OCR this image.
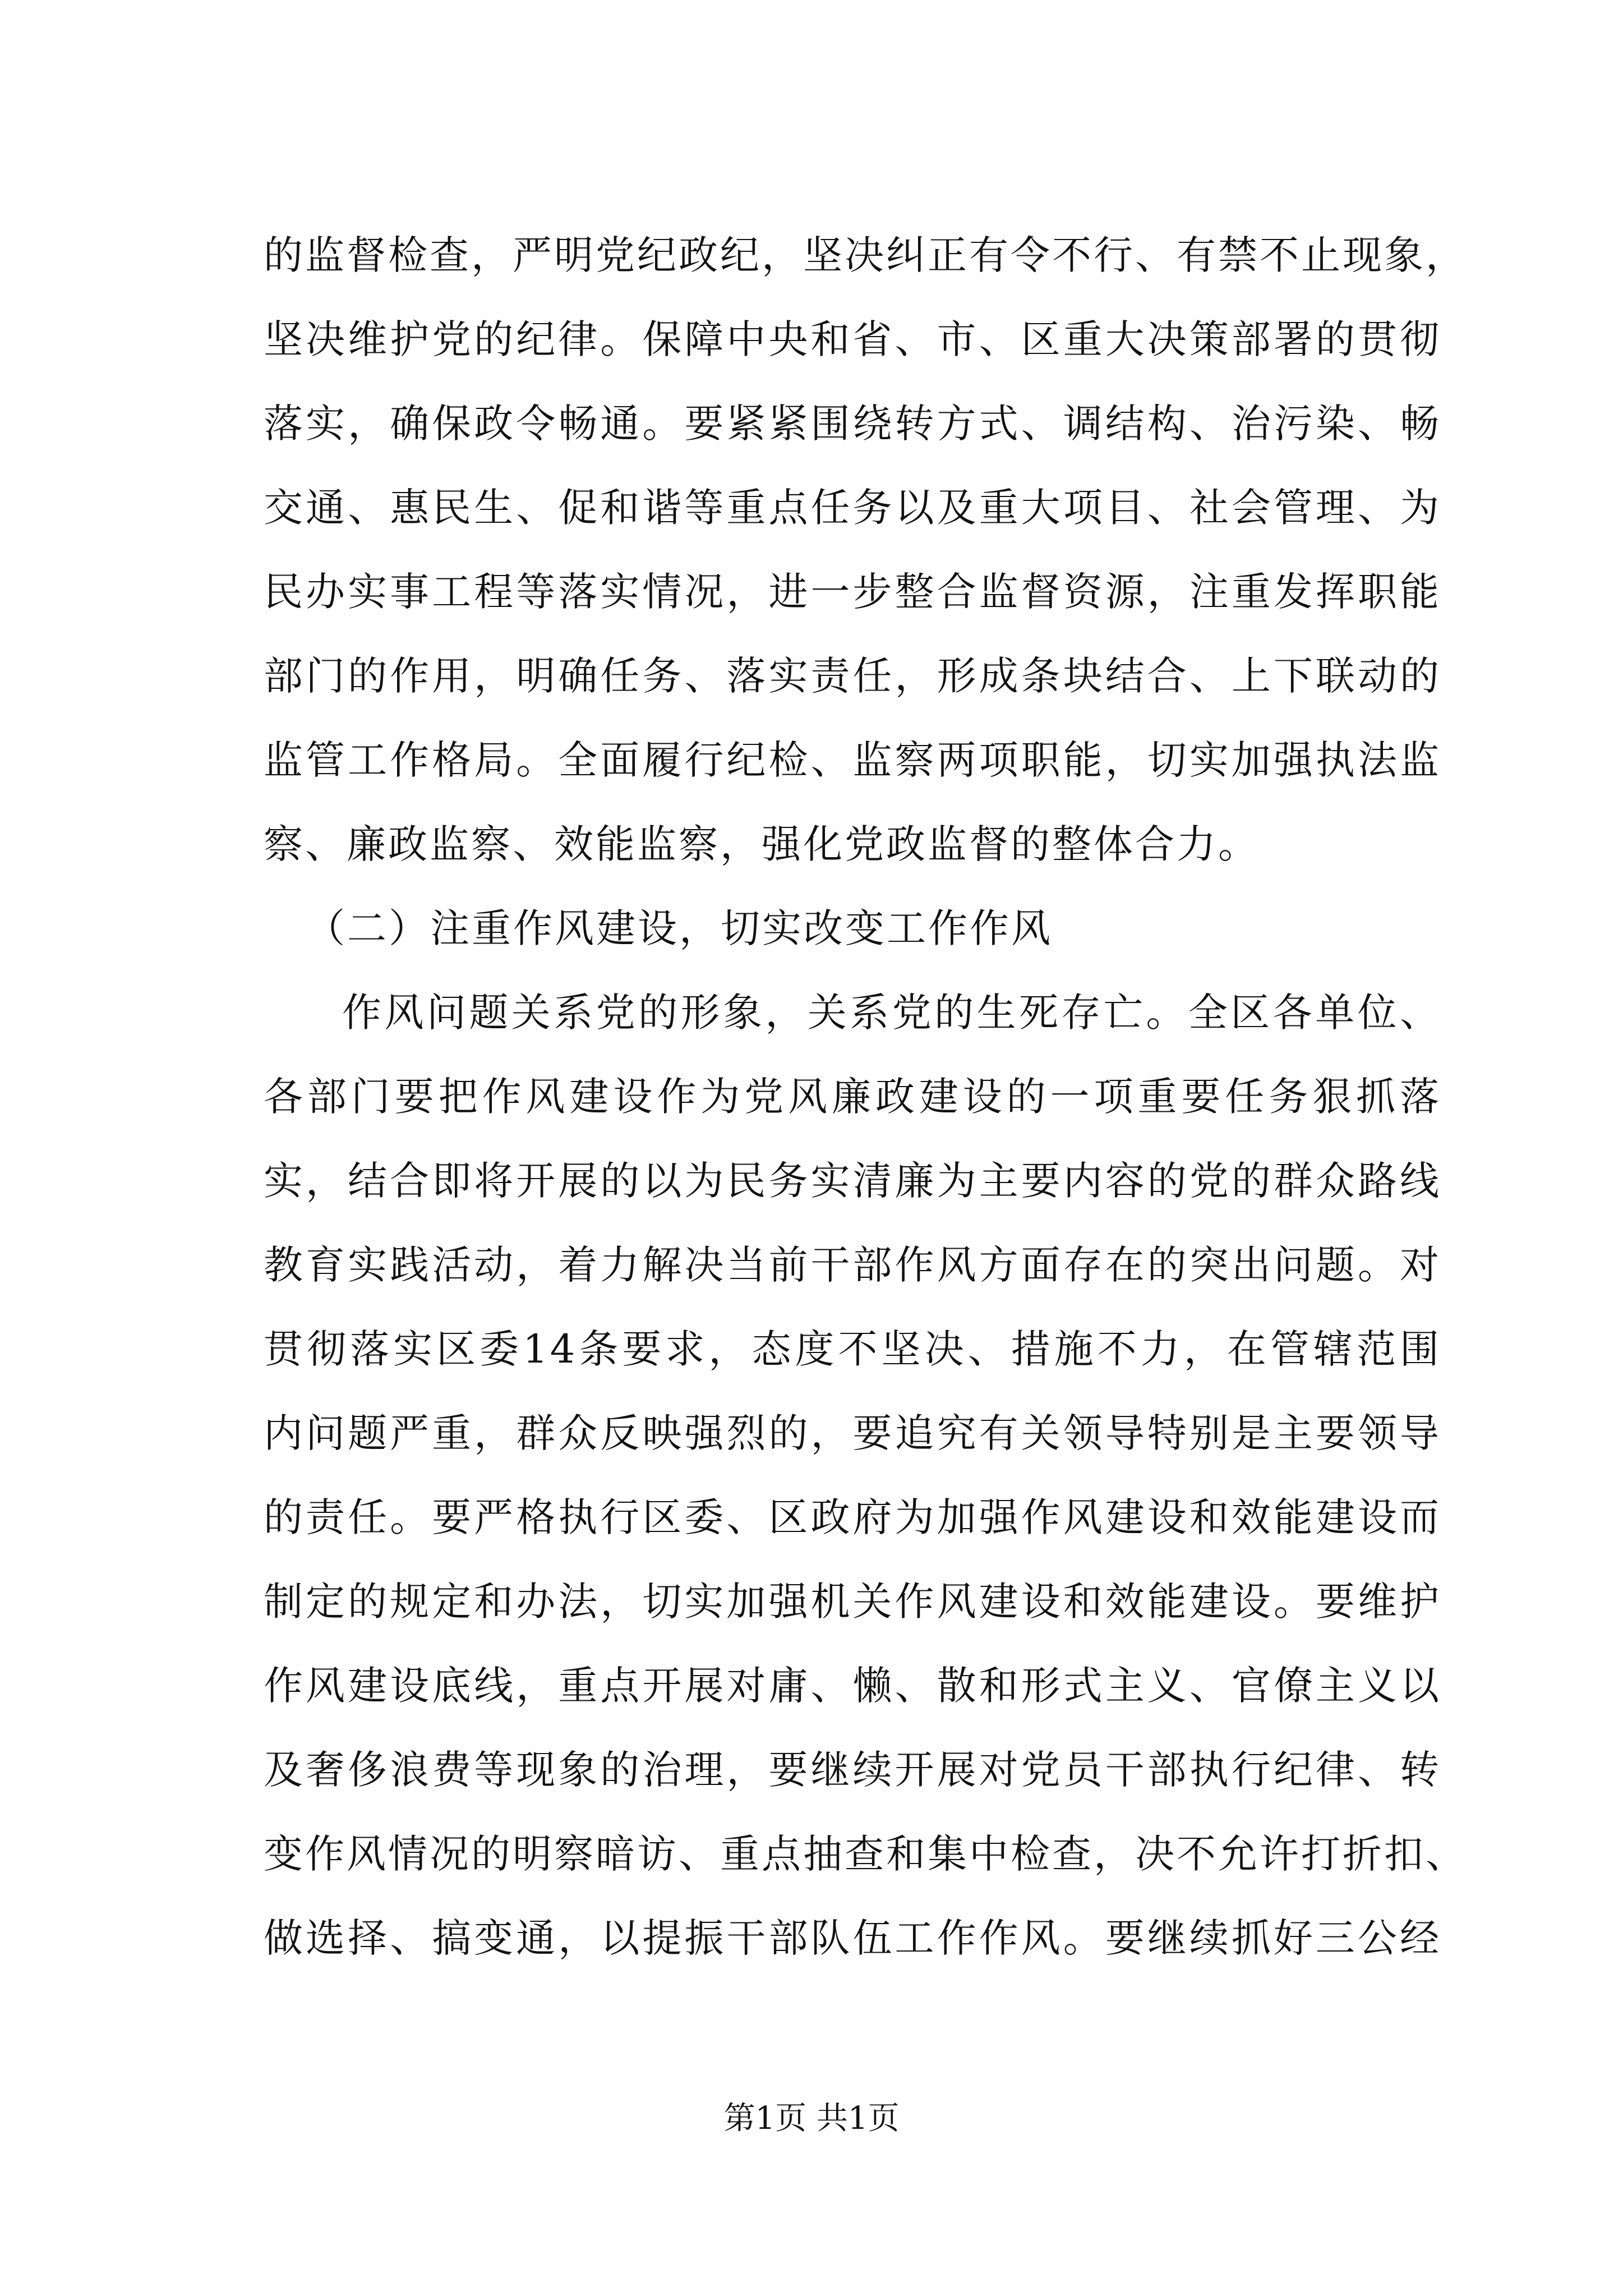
的监督检查，严明党纪政纪，坚决纠正有令不行、有禁不止现象，
坚决维护党的纪律。保障中央和省、市、区重大决策部署的贯彻
落实，确保政令畅通。要紧紧围绕转方式、调结构、治污染、畅
交通、惠民生、促和谐等重点任务以及重大项目、社会管理、为
民办实事工程等落实情况，进一步整合监督资源，注重发挥职能
部门的作用，明确任务、落实责任，形成条块结合、上下联动的
监管工作格局。全面履行纪检、监察两项职能，切实加强执法监
察、廉政监察、效能监察，强化党政监督的整体合力。
（二）注重作风建设，切实改变工作作风
作风问题关系党的形象，关系党的生死存亡。全区各单位、
各部门要把作风建设作为党风廉政建设的一项重要任务狠抓落
实，结合即将开展的以为民务实清廉为主要内容的党的群众路线
教育实践活动，着力解决当前干部作风方面存在的突出问题。对
贯彻落实区委14条要求，态度不坚决、措施不力，在管辖范围
内问题严重，群众反映强烈的，要追究有关领导特别是主要领导
的责任。要严格执行区委、区政府为加强作风建设和效能建设而
制定的规定和办法，切实加强机关作风建设和效能建设。要维护
作风建设底线，重点开展对庸、懒、散和形式主义、官僚主义以
及奢侈浪费等现象的治理，要继续开展对党员干部执行纪律、转
变作风情况的明察暗访、重点抽查和集中检查，决不允许打折扣、
做选择、搞变通，以提振干部队伍工作作风。要继续抓好三公经
第1页 共1页
